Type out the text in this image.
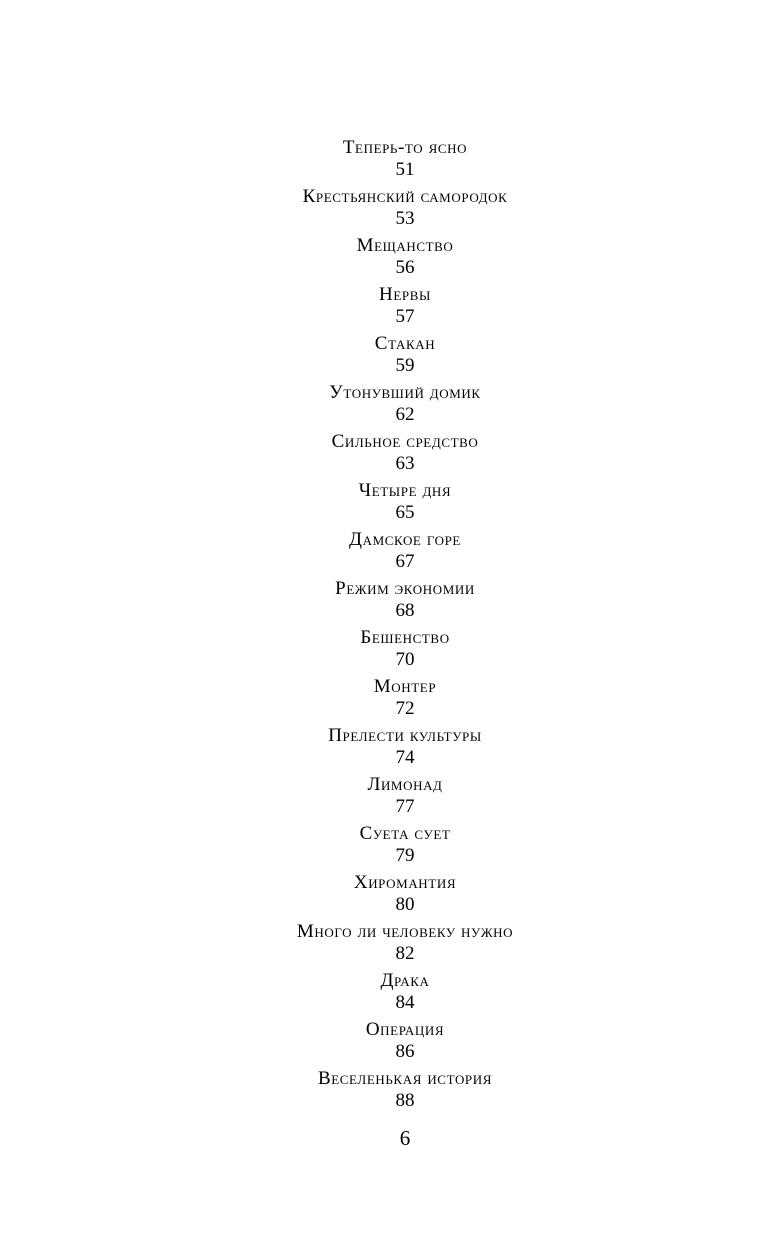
Теперь-то ясно
51
Крестьянский самородок
53
Мещанство
56
Нервы
57
Стакан
59
Утонувший домик
62
Сильное средство
63
Четыре дня
65
Дамское горе
67
Режим экономии
68
Бешенство
70
Монтер
72
Прелести культуры
74
Лимонад
77
Суета сует
79
Хиромантия
80
Много ли человеку нужно
82
Драка
84
Операция
86
Веселенькая история
88
6
